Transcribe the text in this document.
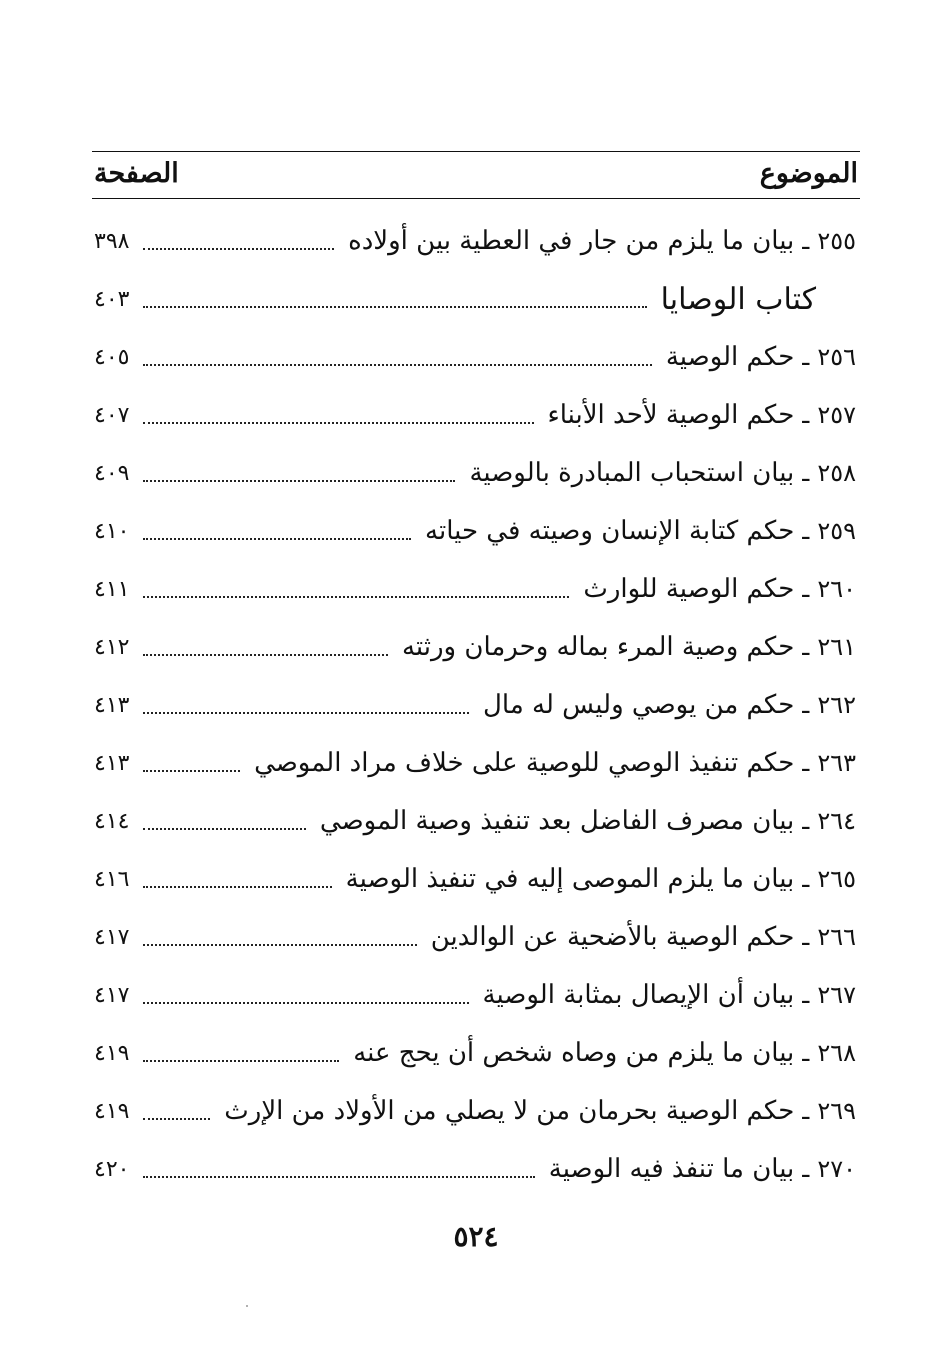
الموضوع
الصفحة
٢٥٥
ـ
بيان ما يلزم من جار في العطية بين أولاده
٣٩٨
كتاب الوصايا
٤٠٣
٢٥٦
ـ
حكم الوصية
٤٠٥
٢٥٧
ـ
حكم الوصية لأحد الأبناء
٤٠٧
٢٥٨
ـ
بيان استحباب المبادرة بالوصية
٤٠٩
٢٥٩
ـ
حكم كتابة الإنسان وصيته في حياته
٤١٠
٢٦٠
ـ
حكم الوصية للوارث
٤١١
٢٦١
ـ
حكم وصية المرء بماله وحرمان ورثته
٤١٢
٢٦٢
ـ
حكم من يوصي وليس له مال
٤١٣
٢٦٣
ـ
حكم تنفيذ الوصي للوصية على خلاف مراد الموصي
٤١٣
٢٦٤
ـ
بيان مصرف الفاضل بعد تنفيذ وصية الموصي
٤١٤
٢٦٥
ـ
بيان ما يلزم الموصى إليه في تنفيذ الوصية
٤١٦
٢٦٦
ـ
حكم الوصية بالأضحية عن الوالدين
٤١٧
٢٦٧
ـ
بيان أن الإيصال بمثابة الوصية
٤١٧
٢٦٨
ـ
بيان ما يلزم من وصاه شخص أن يحج عنه
٤١٩
٢٦٩
ـ
حكم الوصية بحرمان من لا يصلي من الأولاد من الإرث
٤١٩
٢٧٠
ـ
بيان ما تنفذ فيه الوصية
٤٢٠
٥٢٤
